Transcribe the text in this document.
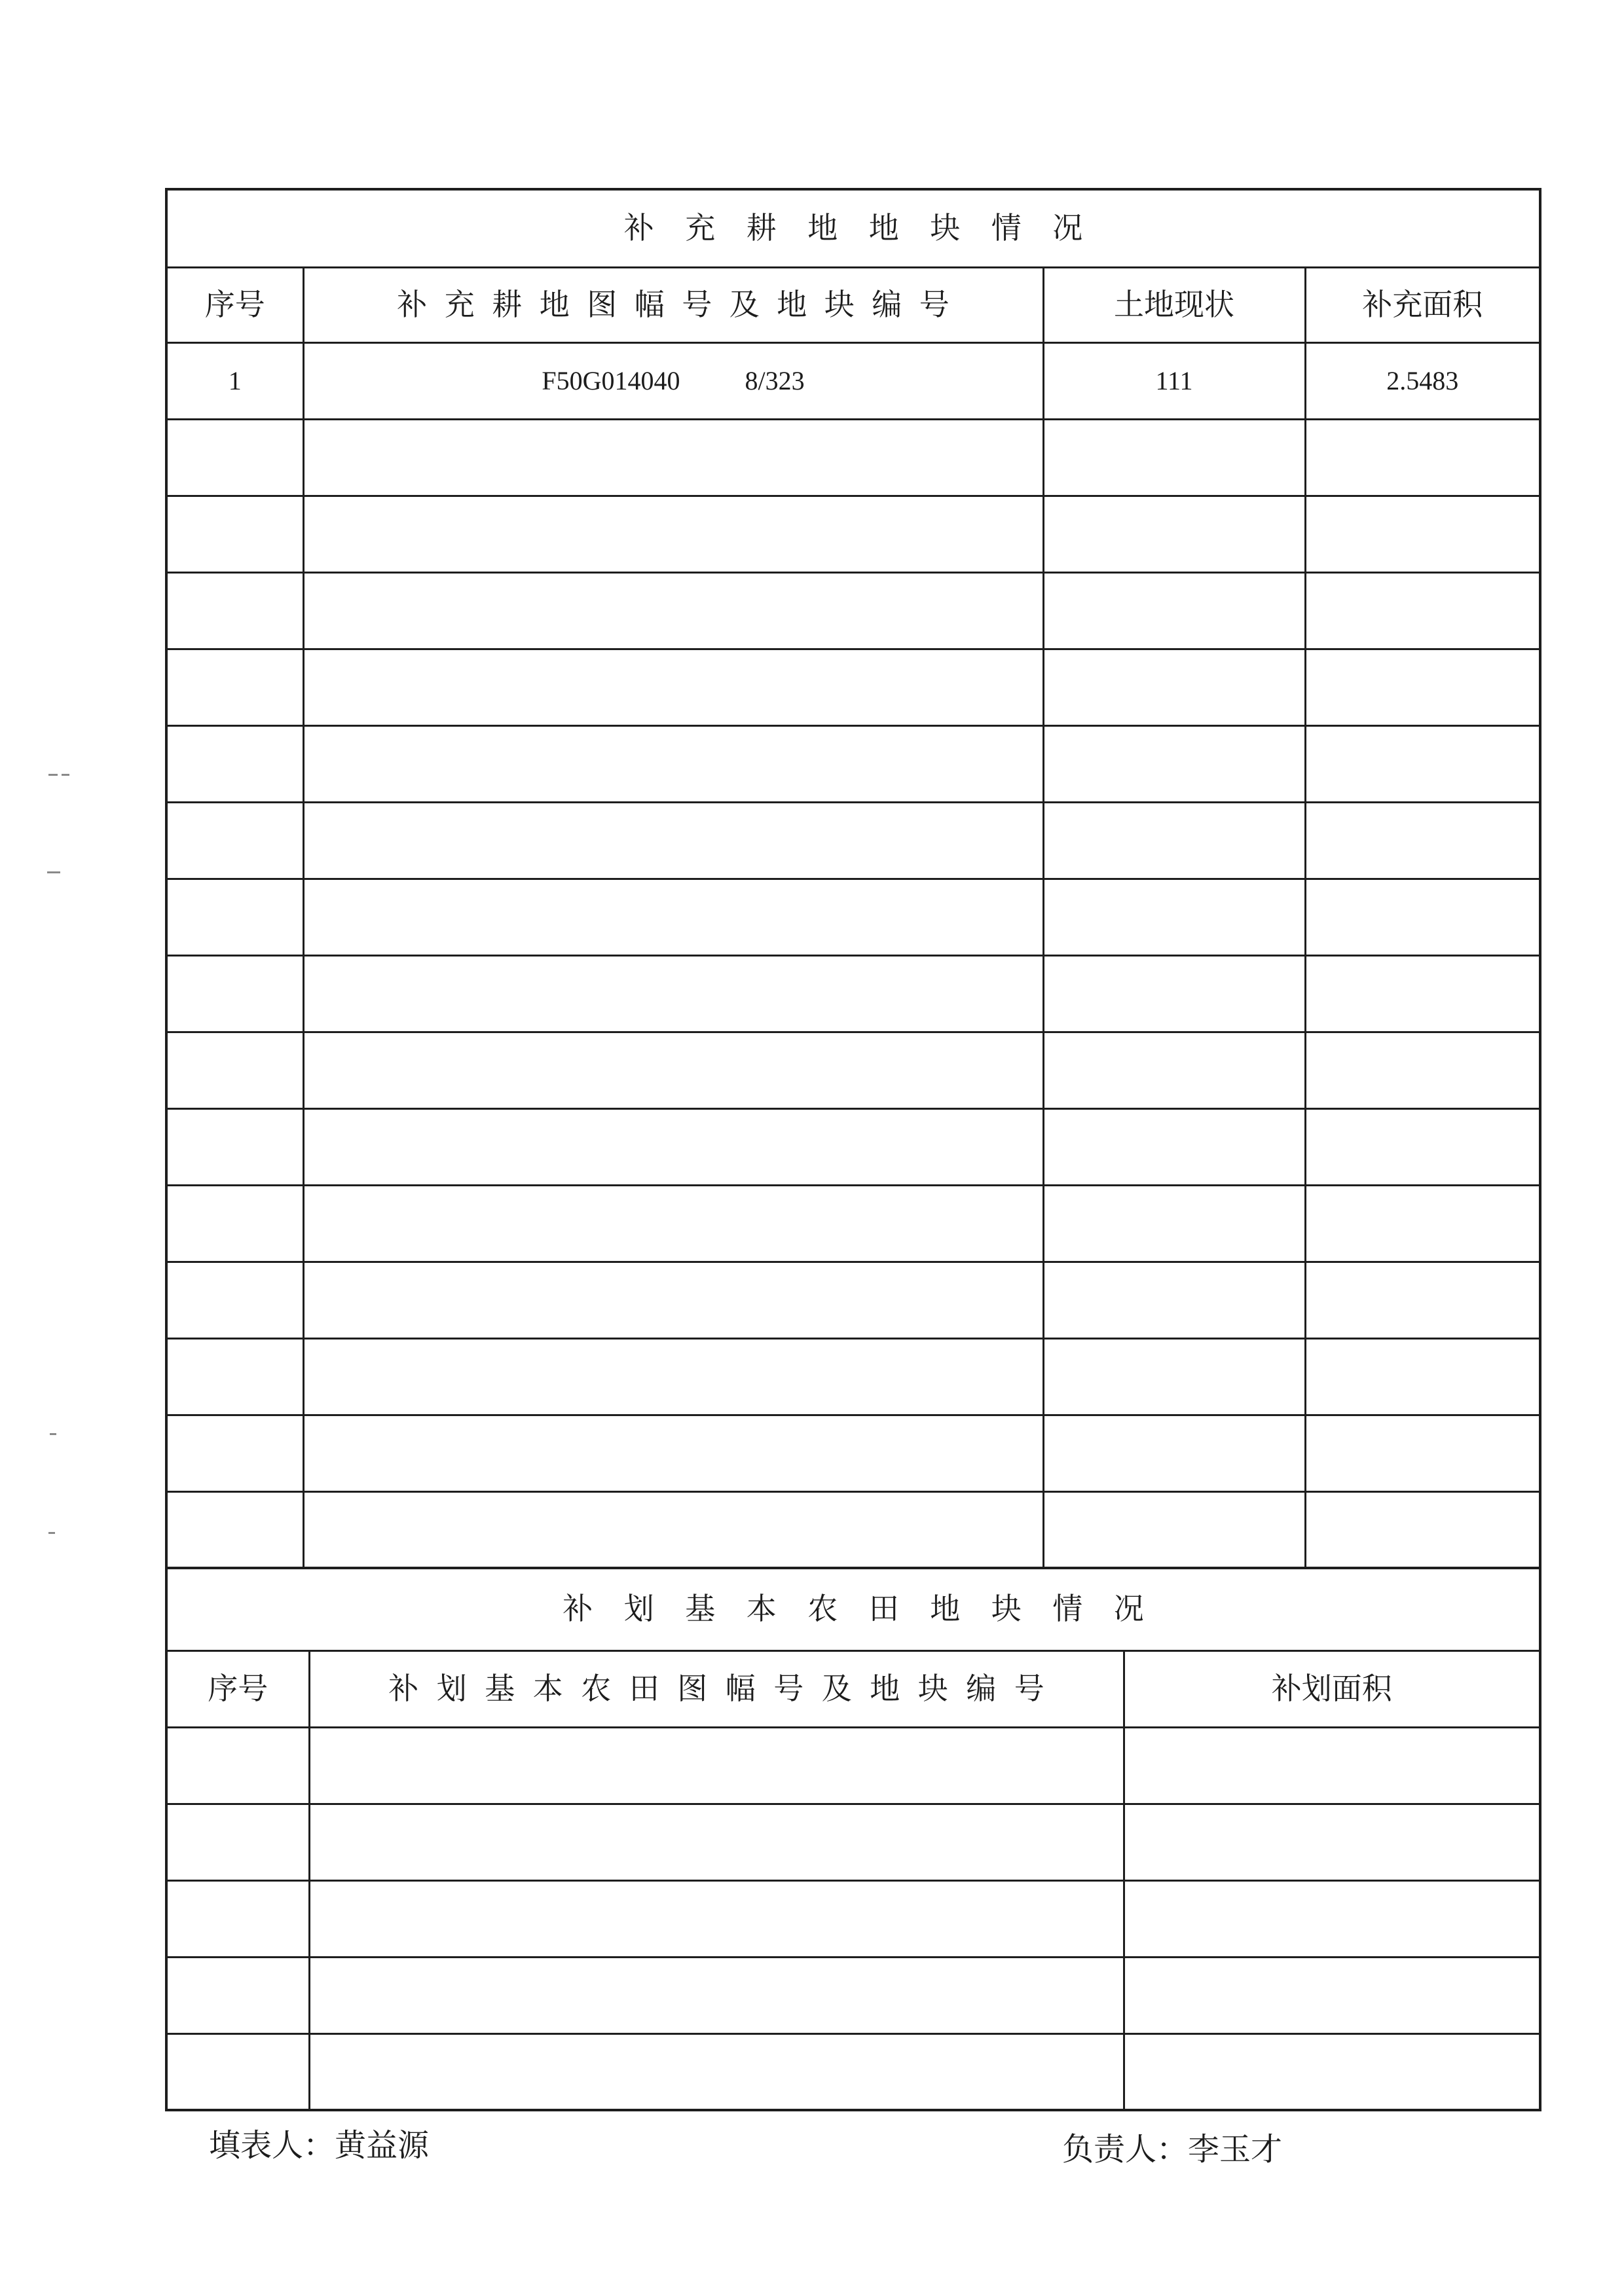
补 充 耕 地 地 块 情 况			
序号	补 充 耕 地 图 幅 号 及 地 块 编 号	土地现状	补充面积
1	F50G014040 8/323	111	2.5483

补 划 基 本 农 田 地 块 情 况		
序号	补 划 基 本 农 田 图 幅 号 及 地 块 编 号	补划面积

填表人：黄益源	负责人：李玉才
